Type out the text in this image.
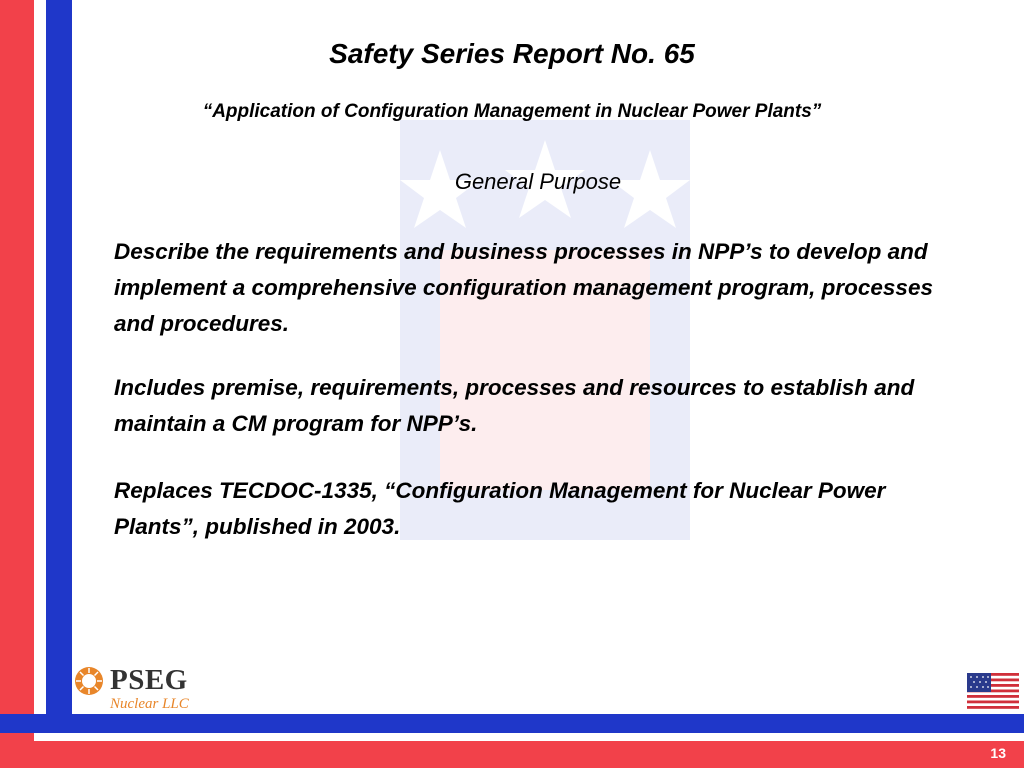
Safety Series Report No. 65
“Application of Configuration Management in Nuclear Power Plants”
General Purpose

Describe the requirements and business processes in NPP’s to develop and implement a comprehensive configuration management program, processes and procedures.

Includes premise, requirements, processes and resources to establish and maintain a CM program for NPP’s.

Replaces TECDOC-1335, “Configuration Management for Nuclear Power Plants”, published in 2003.

PSEG
Nuclear LLC
13
